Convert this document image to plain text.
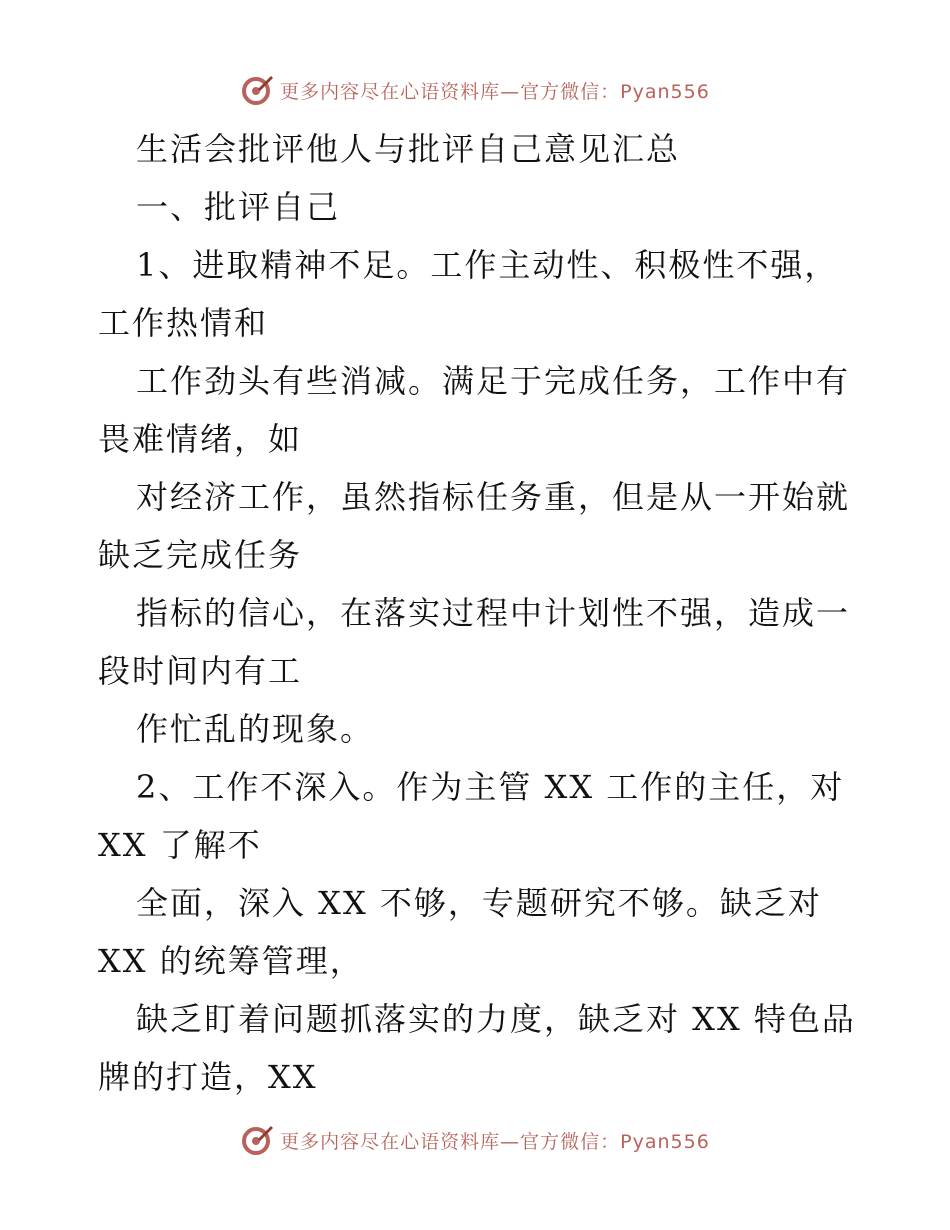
更多内容尽在心语资料库—官方微信：Pyan556
生活会批评他人与批评自己意见汇总
一、批评自己
1、进取精神不足。工作主动性、积极性不强，
工作热情和
工作劲头有些消减。满足于完成任务，工作中有
畏难情绪，如
对经济工作，虽然指标任务重，但是从一开始就
缺乏完成任务
指标的信心，在落实过程中计划性不强，造成一
段时间内有工
作忙乱的现象。
2、工作不深入。作为主管 XX 工作的主任，对
XX 了解不
全面，深入 XX 不够，专题研究不够。缺乏对
XX 的统筹管理，
缺乏盯着问题抓落实的力度，缺乏对 XX 特色品
牌的打造，XX
更多内容尽在心语资料库—官方微信：Pyan556
